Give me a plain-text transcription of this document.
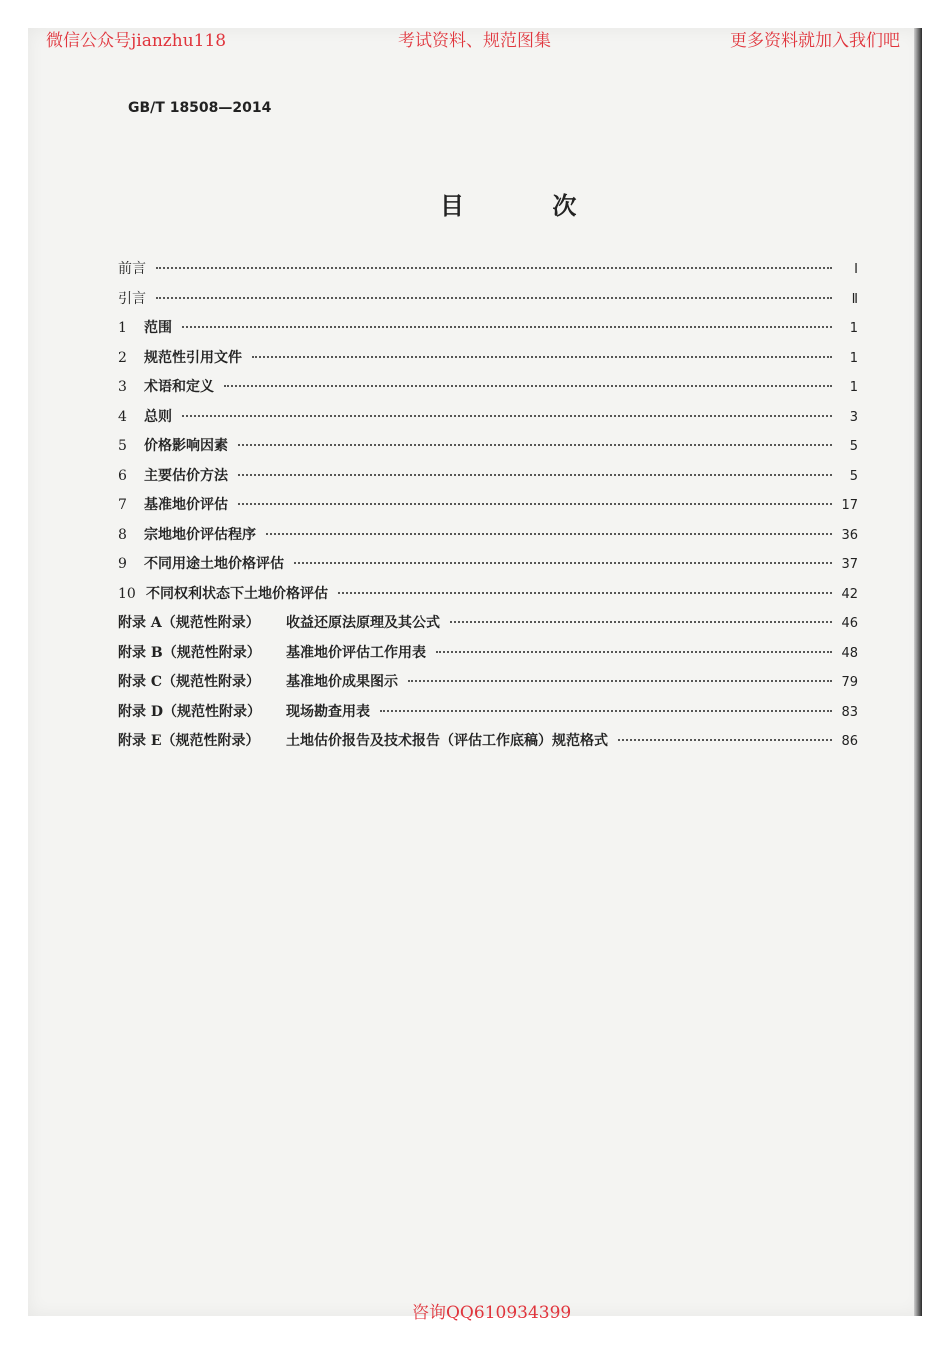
微信公众号jianzhu118	考试资料、规范图集	更多资料就加入我们吧
GB/T 18508—2014
目 次
前言	Ⅰ
引言	Ⅱ
1 范围	1
2 规范性引用文件	1
3 术语和定义	1
4 总则	3
5 价格影响因素	5
6 主要估价方法	5
7 基准地价评估	17
8 宗地地价评估程序	36
9 不同用途土地价格评估	37
10 不同权利状态下土地价格评估	42
附录 A（规范性附录） 收益还原法原理及其公式	46
附录 B（规范性附录） 基准地价评估工作用表	48
附录 C（规范性附录） 基准地价成果图示	79
附录 D（规范性附录） 现场勘查用表	83
附录 E（规范性附录） 土地估价报告及技术报告（评估工作底稿）规范格式	86
咨询QQ610934399
